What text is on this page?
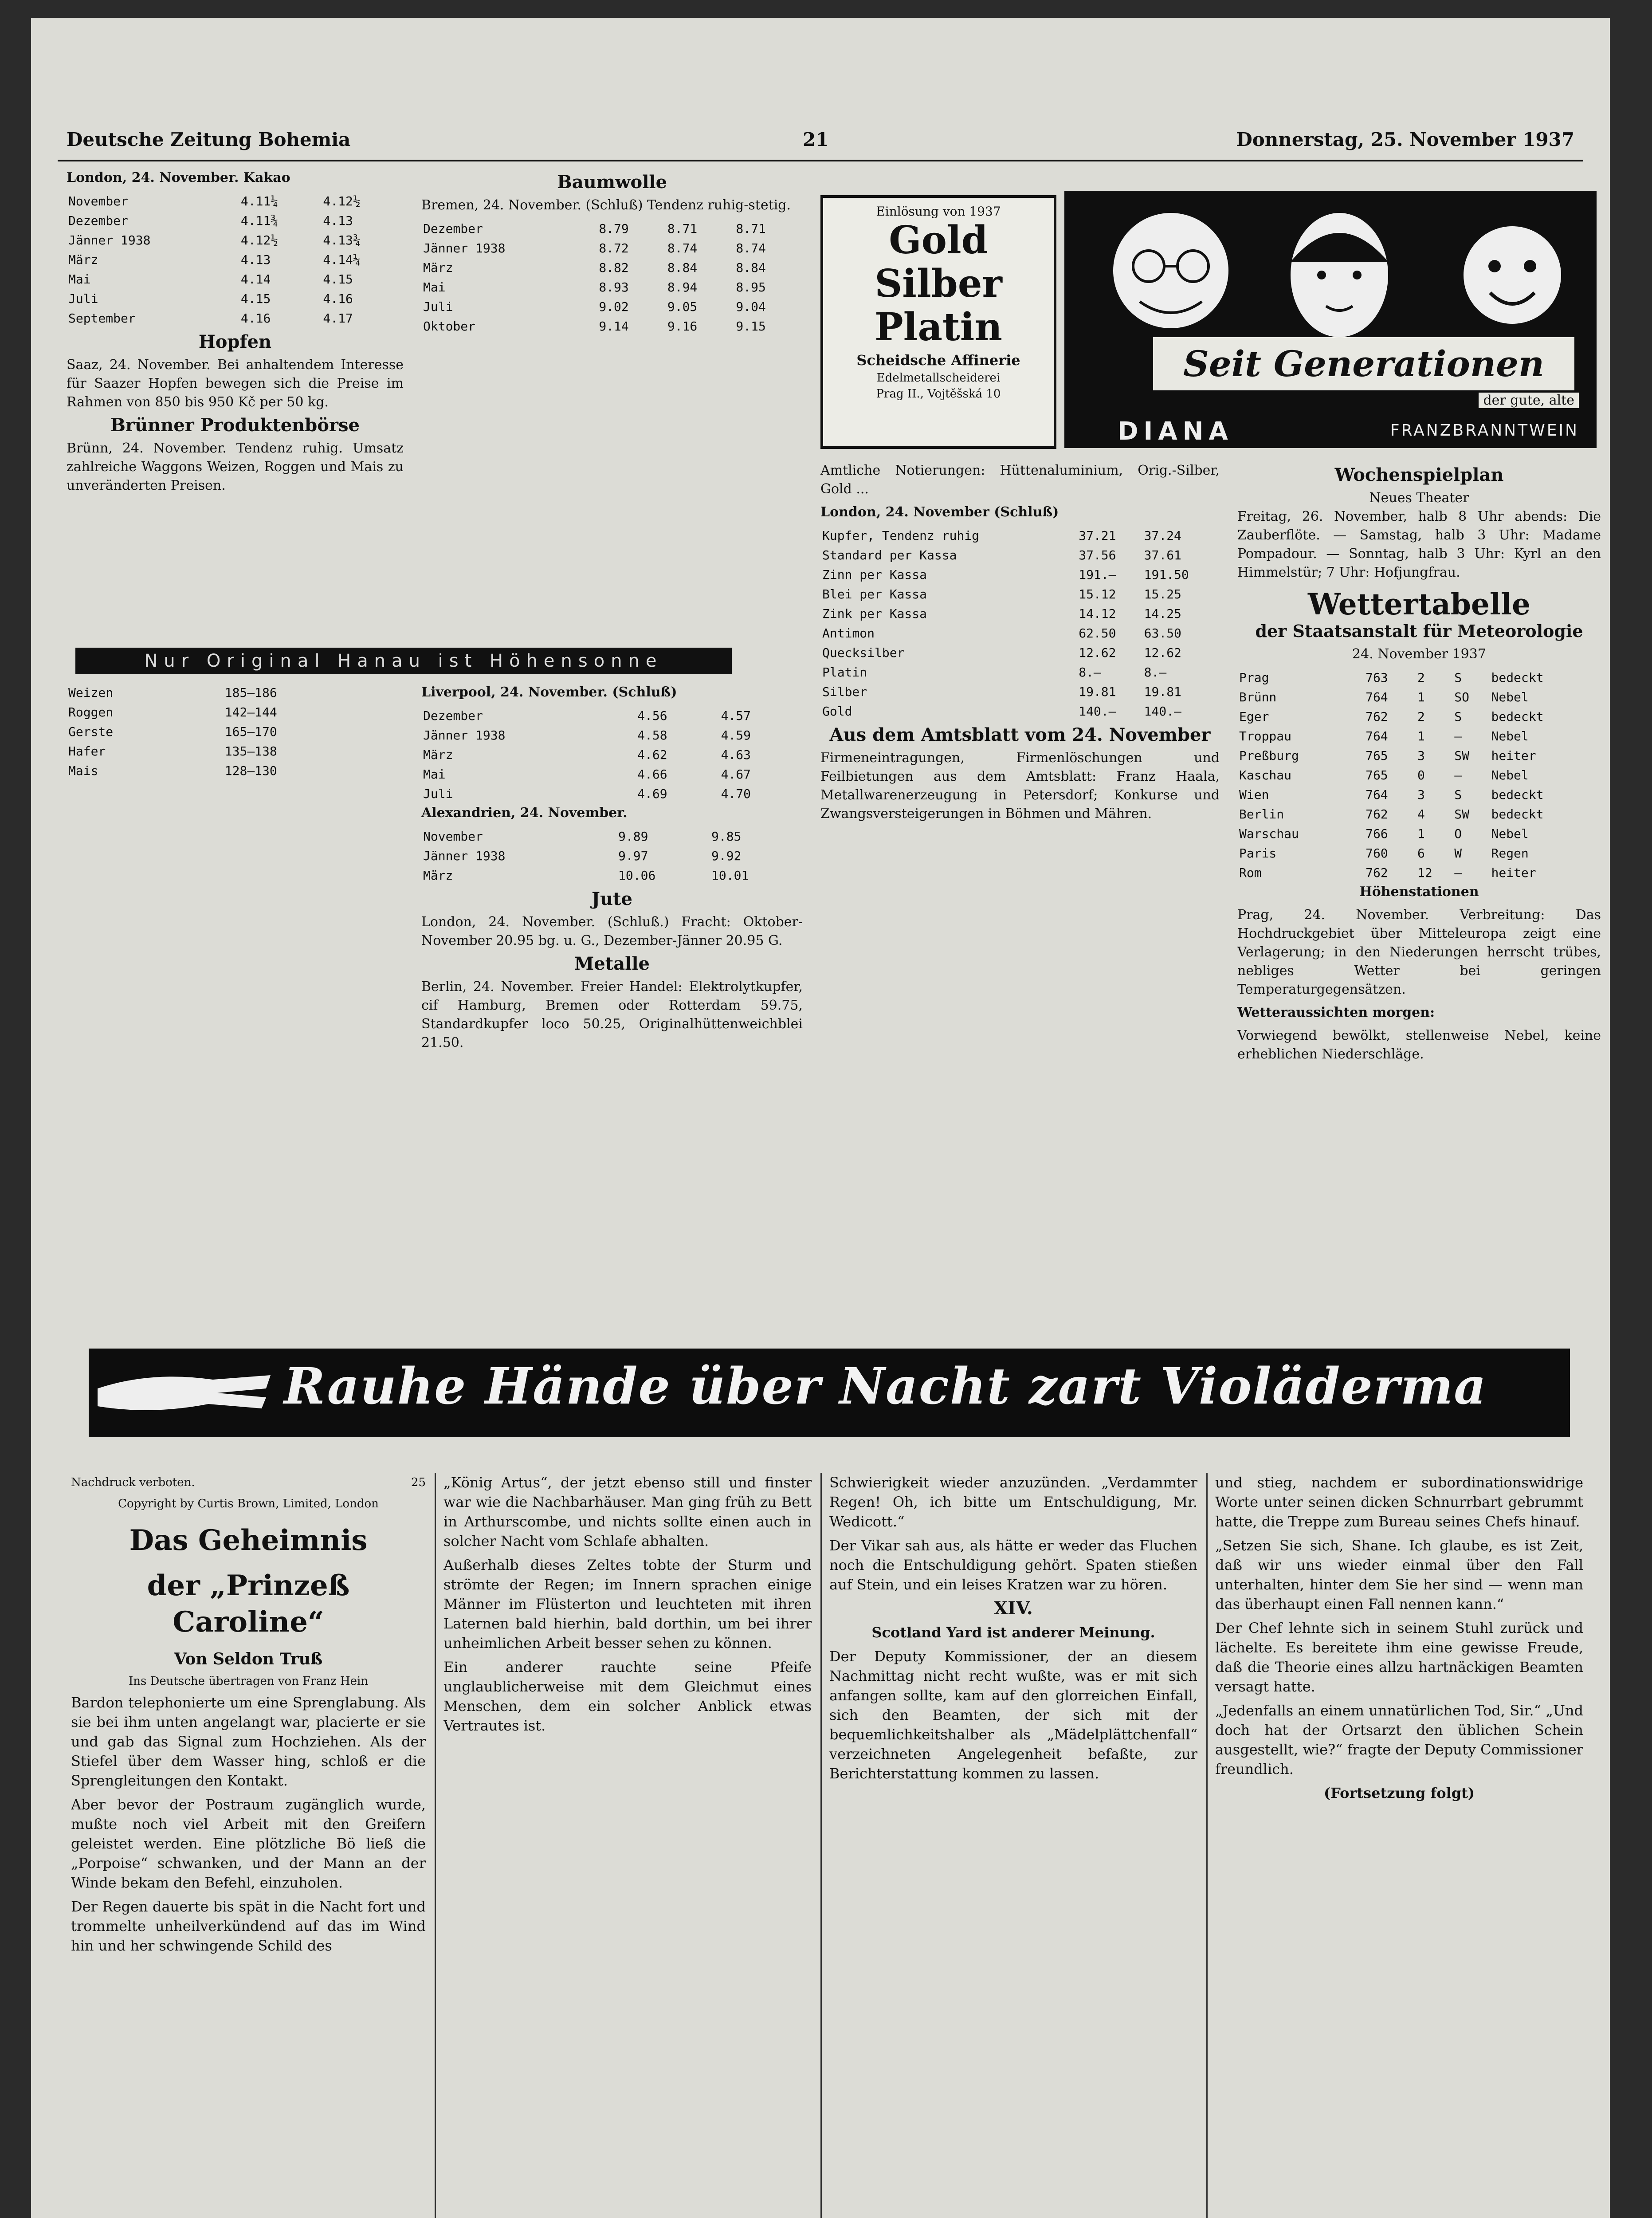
Deutsche Zeitung Bohemia	21	Donnerstag, 25. November 1937

London, 24. November. Kakao

November	4.11¼	4.12½
Dezember	4.11¾	4.13
Jänner 1938	4.12½	4.13¾
März	4.13	4.14¼
Mai	4.14	4.15
Juli	4.15	4.16
September	4.16	4.17
Hopfen

Saaz, 24. November. Bei anhaltendem Interesse für Saazer Hopfen bewegen sich die Preise im Rahmen von 850 bis 950 Kč per 50 kg.

Brünner Produktenbörse

Brünn, 24. November. Tendenz ruhig. Umsatz zahlreiche Waggons Weizen, Roggen und Mais zu unveränderten Preisen.

Baumwolle

Bremen, 24. November. (Schluß) Tendenz ruhig-stetig.

Dezember	8.79	8.71	8.71
Jänner 1938	8.72	8.74	8.74
März	8.82	8.84	8.84
Mai	8.93	8.94	8.95
Juli	9.02	9.05	9.04
Oktober	9.14	9.16	9.15
Einlösung von 1937
Gold
Silber
Platin
Scheidsche Affinerie
Edelmetallscheiderei
Prag II., Vojtěšská 10
Seit Generationen
der gute, alte
DIANA	FRANZBRANNTWEIN

Amtliche Notierungen: Hüttenaluminium, Orig.-Silber, Gold ...

London, 24. November (Schluß)

Kupfer, Tendenz ruhig	37.21	37.24
Standard per Kassa	37.56	37.61
Zinn per Kassa	191.—	191.50
Blei per Kassa	15.12	15.25
Zink per Kassa	14.12	14.25
Antimon	62.50	63.50
Quecksilber	12.62	12.62
Platin	8.—	8.—
Silber	19.81	19.81
Gold	140.—	140.—
Aus dem Amtsblatt vom 24. November

Firmeneintragungen, Firmenlöschungen und Feilbietungen aus dem Amtsblatt: Franz Haala, Metallwarenerzeugung in Petersdorf; Konkurse und Zwangsversteigerungen in Böhmen und Mähren.

Wochenspielplan
Neues Theater

Freitag, 26. November, halb 8 Uhr abends: Die Zauberflöte. — Samstag, halb 3 Uhr: Madame Pompadour. — Sonntag, halb 3 Uhr: Kyrl an den Himmelstür; 7 Uhr: Hofjungfrau.

Wettertabelle
der Staatsanstalt für Meteorologie

24. November 1937

Prag	763	2	S	bedeckt
Brünn	764	1	SO	Nebel
Eger	762	2	S	bedeckt
Troppau	764	1	—	Nebel
Preßburg	765	3	SW	heiter
Kaschau	765	0	—	Nebel
Wien	764	3	S	bedeckt
Berlin	762	4	SW	bedeckt
Warschau	766	1	O	Nebel
Paris	760	6	W	Regen
Rom	762	12	—	heiter

Höhenstationen

Prag, 24. November. Verbreitung: Das Hochdruckgebiet über Mitteleuropa zeigt eine Verlagerung; in den Niederungen herrscht trübes, nebliges Wetter bei geringen Temperaturgegensätzen.

Wetteraussichten morgen:

Vorwiegend bewölkt, stellenweise Nebel, keine erheblichen Niederschläge.

Nur Original Hanau ist Höhensonne
Weizen	185—186
Roggen	142—144
Gerste	165—170
Hafer	135—138
Mais	128—130

Liverpool, 24. November. (Schluß)

Dezember	4.56	4.57
Jänner 1938	4.58	4.59
März	4.62	4.63
Mai	4.66	4.67
Juli	4.69	4.70

Alexandrien, 24. November.

November	9.89	9.85
Jänner 1938	9.97	9.92
März	10.06	10.01
Jute

London, 24. November. (Schluß.) Fracht: Oktober-November 20.95 bg. u. G., Dezember-Jänner 20.95 G.

Metalle

Berlin, 24. November. Freier Handel: Elektrolytkupfer, cif Hamburg, Bremen oder Rotterdam 59.75, Standardkupfer loco 50.25, Originalhüttenweichblei 21.50.

Rauhe Hände über Nacht zart Violäderma
Nachdruck verboten.	25
Copyright by Curtis Brown, Limited, London
Das Geheimnis
der „Prinzeß Caroline“
Von Seldon Truß
Ins Deutsche übertragen von Franz Hein

Bardon telephonierte um eine Sprenglabung. Als sie bei ihm unten angelangt war, placierte er sie und gab das Signal zum Hochziehen. Als der Stiefel über dem Wasser hing, schloß er die Sprengleitungen den Kontakt.

Aber bevor der Postraum zugänglich wurde, mußte noch viel Arbeit mit den Greifern geleistet werden. Eine plötzliche Bö ließ die „Porpoise“ schwanken, und der Mann an der Winde bekam den Befehl, einzuholen.

Der Regen dauerte bis spät in die Nacht fort und trommelte unheilverkündend auf das im Wind hin und her schwingende Schild des

„König Artus“, der jetzt ebenso still und finster war wie die Nachbarhäuser. Man ging früh zu Bett in Arthurscombe, und nichts sollte einen auch in solcher Nacht vom Schlafe abhalten.

Außerhalb dieses Zeltes tobte der Sturm und strömte der Regen; im Innern sprachen einige Männer im Flüsterton und leuchteten mit ihren Laternen bald hierhin, bald dorthin, um bei ihrer unheimlichen Arbeit besser sehen zu können.

Ein anderer rauchte seine Pfeife unglaublicherweise mit dem Gleichmut eines Menschen, dem ein solcher Anblick etwas Vertrautes ist.

Schwierigkeit wieder anzuzünden. „Verdammter Regen! Oh, ich bitte um Entschuldigung, Mr. Wedicott.“

Der Vikar sah aus, als hätte er weder das Fluchen noch die Entschuldigung gehört. Spaten stießen auf Stein, und ein leises Kratzen war zu hören.

XIV.
Scotland Yard ist anderer Meinung.

Der Deputy Kommissioner, der an diesem Nachmittag nicht recht wußte, was er mit sich anfangen sollte, kam auf den glorreichen Einfall, sich den Beamten, der sich mit der bequemlichkeitshalber als „Mädelplättchenfall“ verzeichneten Angelegenheit befaßte, zur Berichterstattung kommen zu lassen.

und stieg, nachdem er subordinationswidrige Worte unter seinen dicken Schnurrbart gebrummt hatte, die Treppe zum Bureau seines Chefs hinauf.

„Setzen Sie sich, Shane. Ich glaube, es ist Zeit, daß wir uns wieder einmal über den Fall unterhalten, hinter dem Sie her sind — wenn man das überhaupt einen Fall nennen kann.“

Der Chef lehnte sich in seinem Stuhl zurück und lächelte. Es bereitete ihm eine gewisse Freude, daß die Theorie eines allzu hartnäckigen Beamten versagt hatte.

„Jedenfalls an einem unnatürlichen Tod, Sir.“ „Und doch hat der Ortsarzt den üblichen Schein ausgestellt, wie?“ fragte der Deputy Commissioner freundlich.

(Fortsetzung folgt)
